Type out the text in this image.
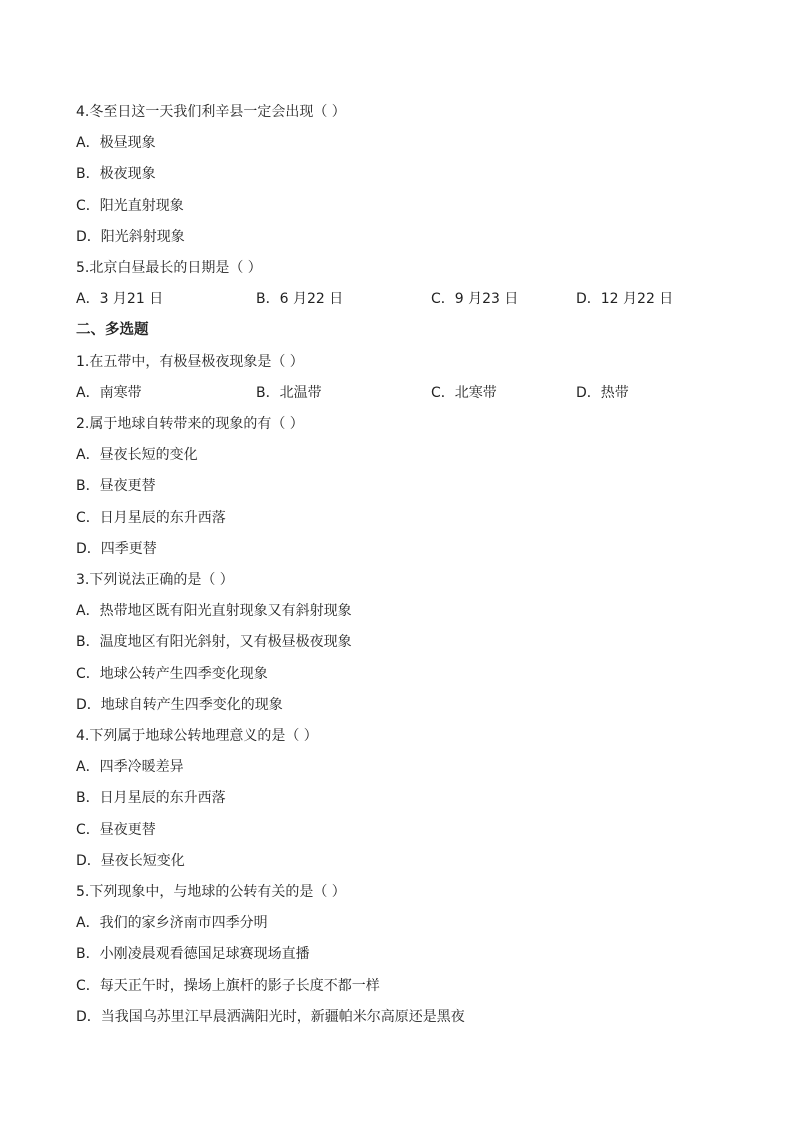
4.冬至日这一天我们利辛县一定会出现（ ）
A．极昼现象
B．极夜现象
C．阳光直射现象
D．阳光斜射现象
5.北京白昼最长的日期是（ ）
A．3 月21 日	B．6 月22 日	C．9 月23 日	D．12 月22 日
二、多选题
1.在五带中，有极昼极夜现象是（ ）
A．南寒带	B．北温带	C．北寒带	D．热带
2.属于地球自转带来的现象的有（ ）
A．昼夜长短的变化
B．昼夜更替
C．日月星辰的东升西落
D．四季更替
3.下列说法正确的是（ ）
A．热带地区既有阳光直射现象又有斜射现象
B．温度地区有阳光斜射，又有极昼极夜现象
C．地球公转产生四季变化现象
D．地球自转产生四季变化的现象
4.下列属于地球公转地理意义的是（ ）
A．四季冷暖差异
B．日月星辰的东升西落
C．昼夜更替
D．昼夜长短变化
5.下列现象中，与地球的公转有关的是（ ）
A．我们的家乡济南市四季分明
B．小刚凌晨观看德国足球赛现场直播
C．每天正午时，操场上旗杆的影子长度不都一样
D．当我国乌苏里江早晨洒满阳光时，新疆帕米尔高原还是黑夜
